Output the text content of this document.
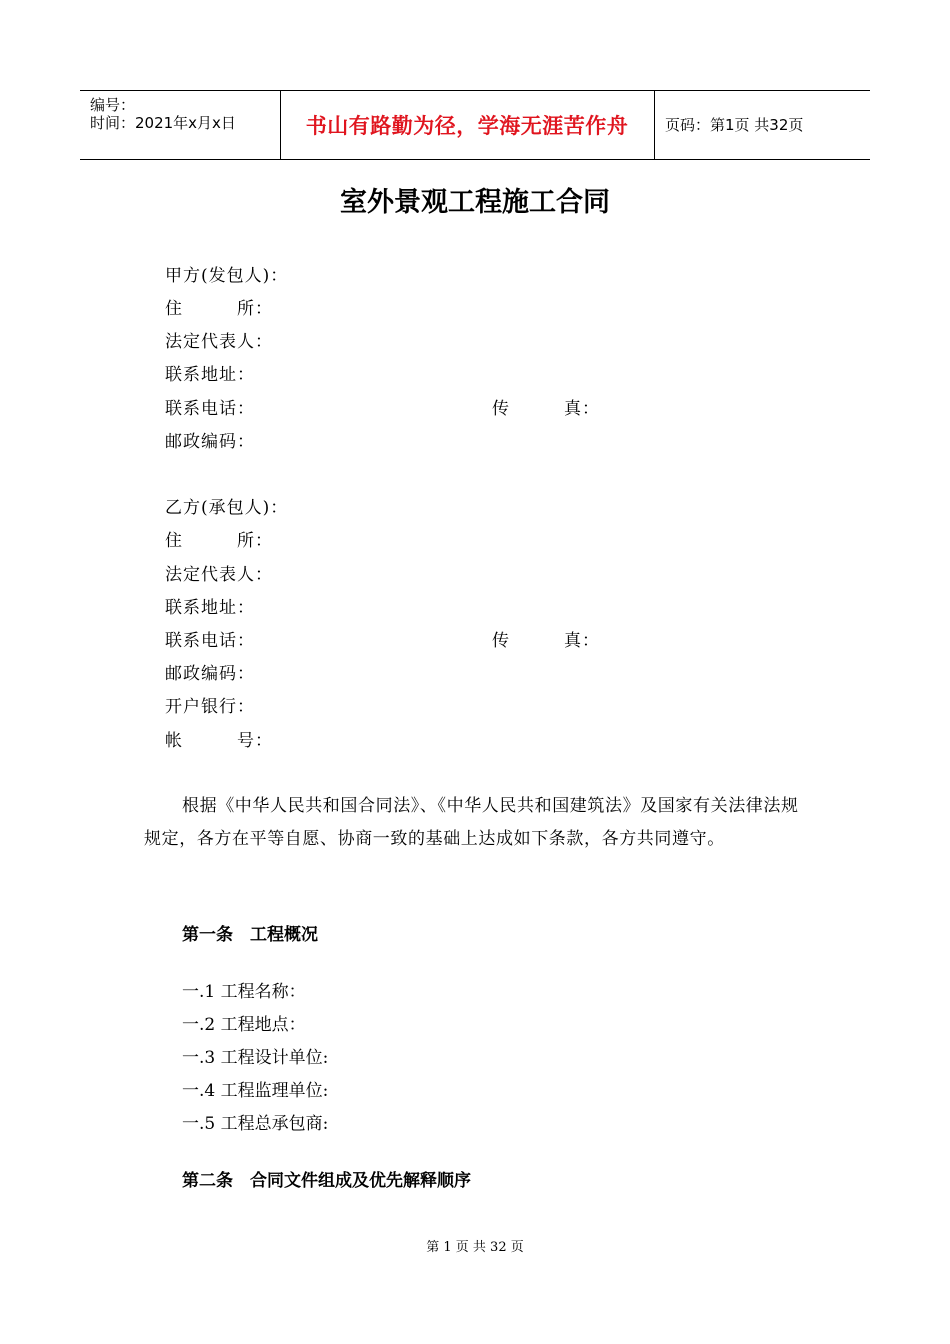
编号：
时间：2021年x月x日	书山有路勤为径，学海无涯苦作舟 页码：第1页 共32页
室外景观工程施工合同
甲方(发包人)：
住　　　所：
法定代表人：
联系地址：
联系电话：	传　　　真：
邮政编码：
乙方(承包人)：
住　　　所：
法定代表人：
联系地址：
联系电话：	传　　　真：
邮政编码：
开户银行：
帐　　　号：
根据《中华人民共和国合同法》、《中华人民共和国建筑法》及国家有关法律法规规定，各方在平等自愿、协商一致的基础上达成如下条款，各方共同遵守。
第一条　工程概况
一.1 工程名称：
一.2 工程地点：
一.3 工程设计单位:
一.4 工程监理单位:
一.5 工程总承包商:
第二条　合同文件组成及优先解释顺序
第 1 页 共 32 页
